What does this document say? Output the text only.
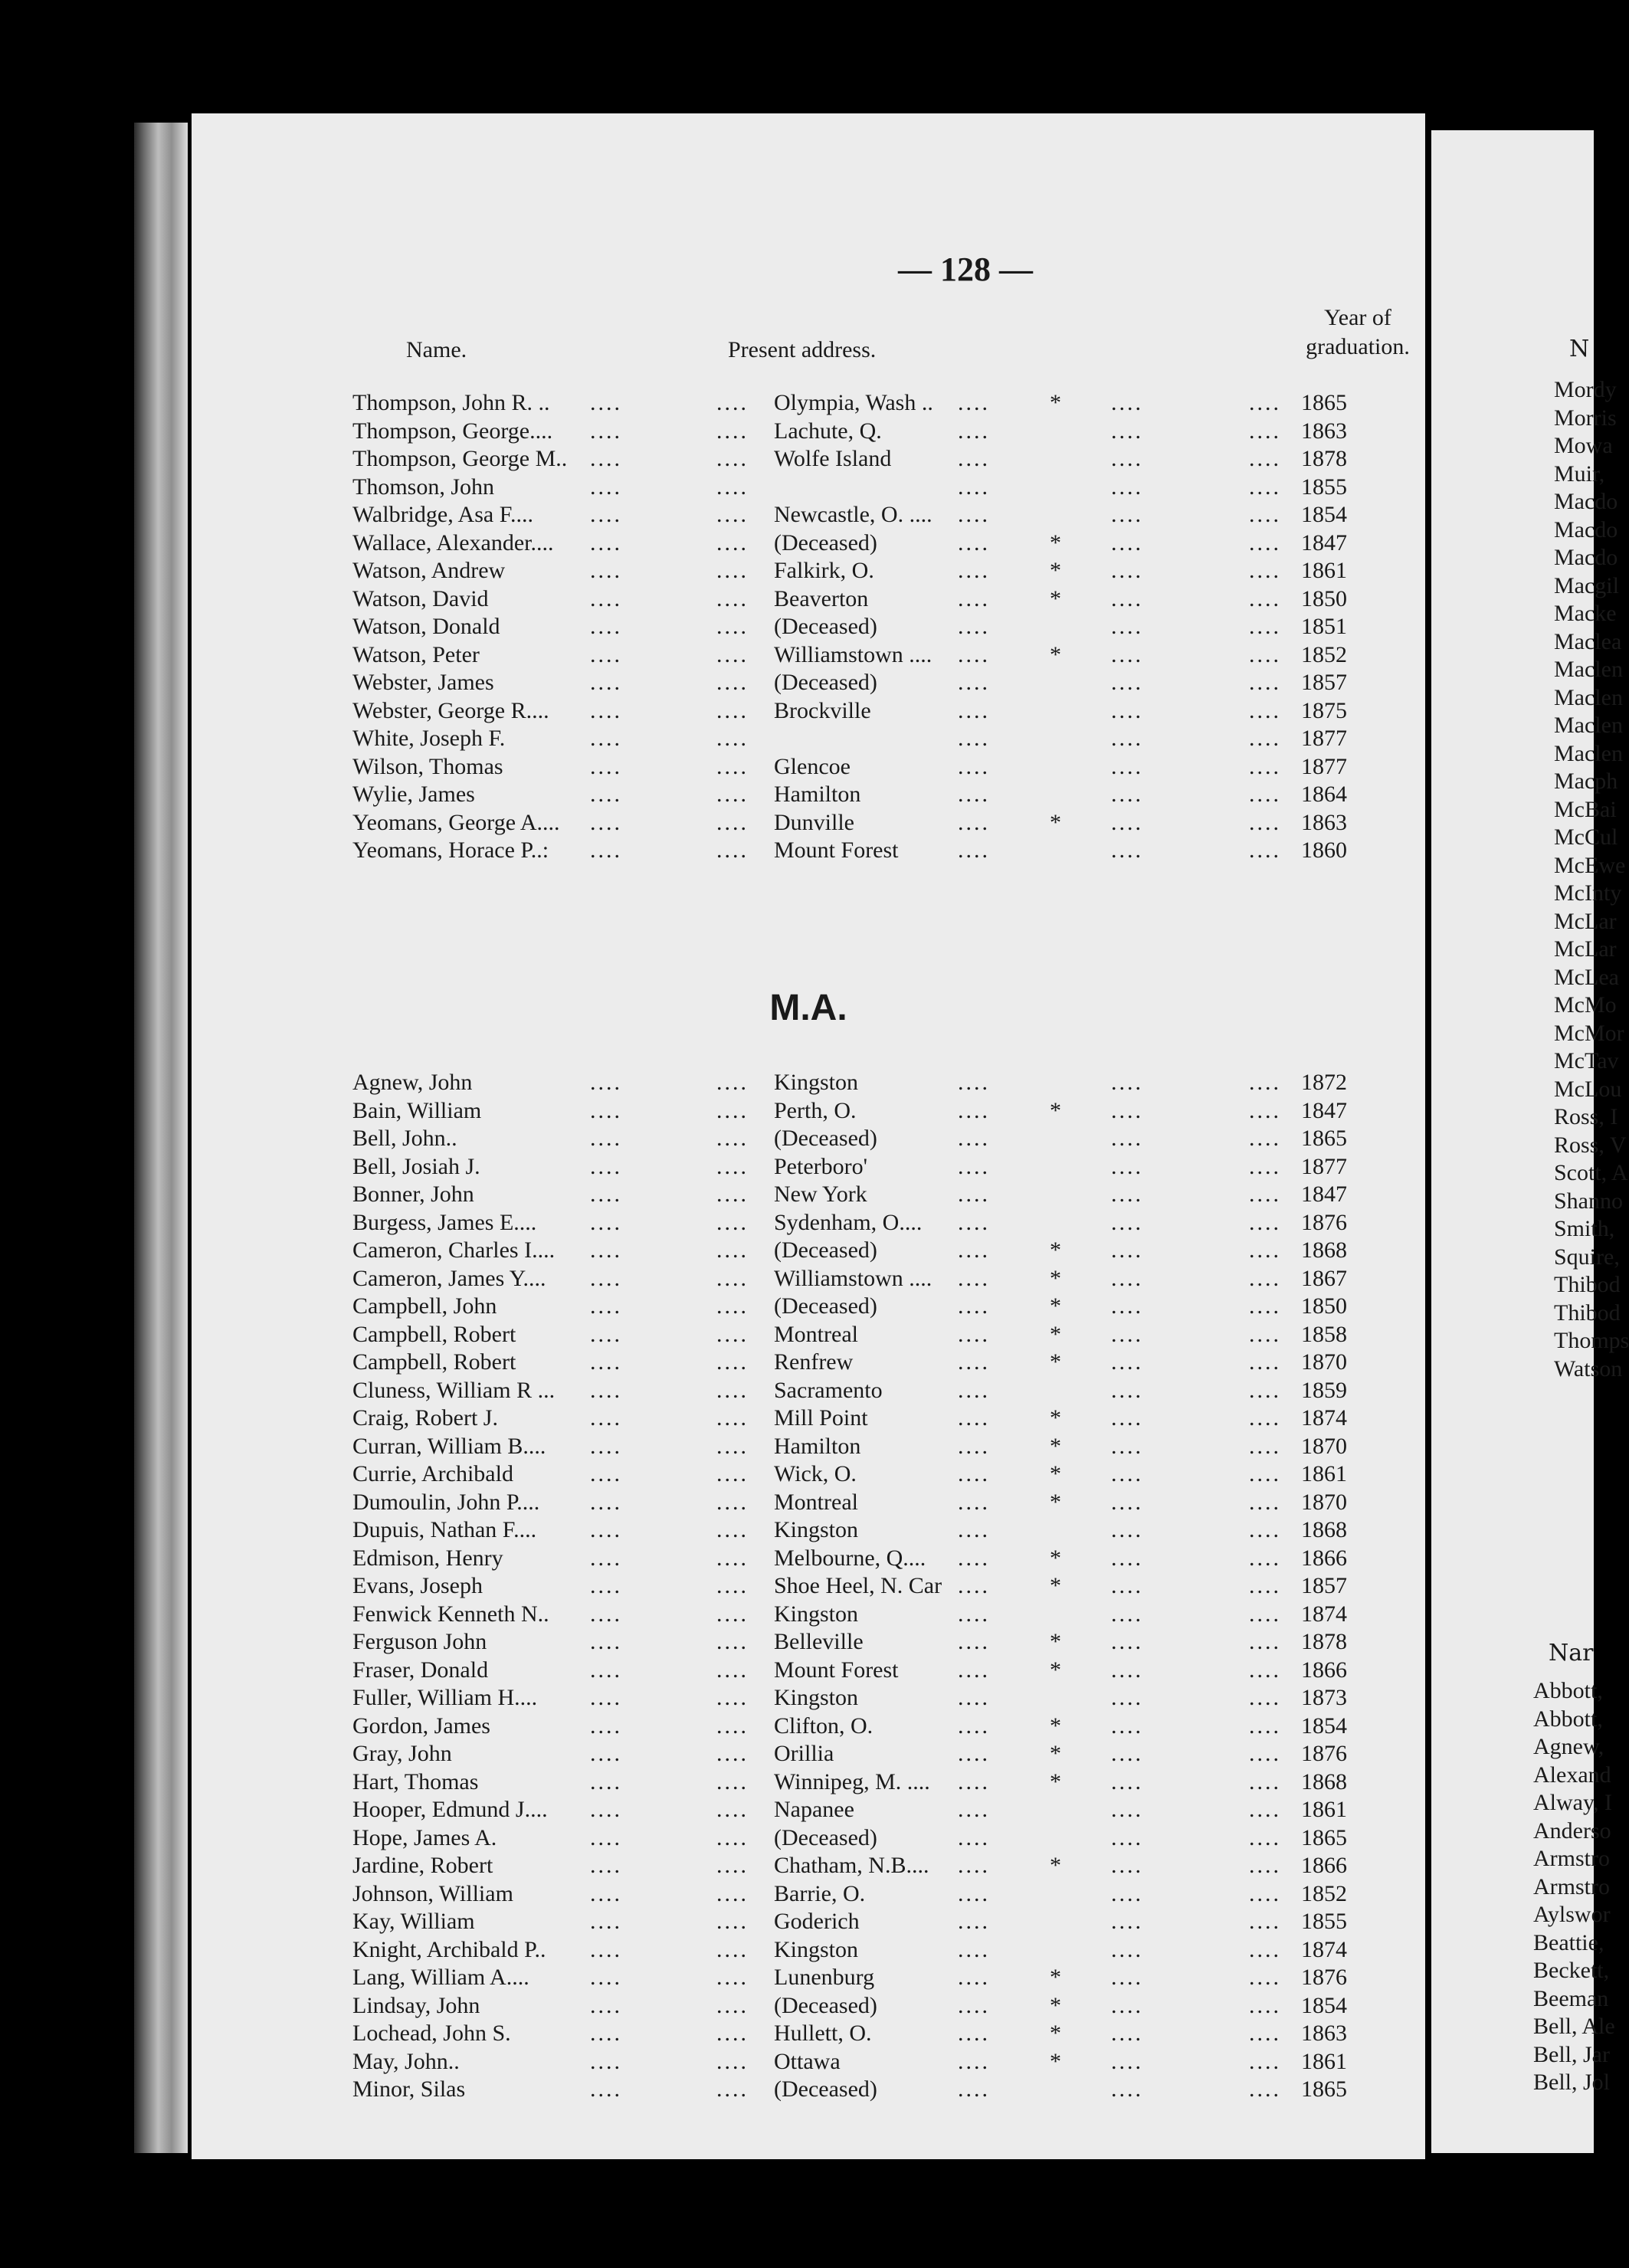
— 128 —
Name.	Present address.
Year of
graduation.
Thompson, John R. .. ....	.... Olympia, Wash .. ....	* ....	.... 1865
Thompson, George.... ....	.... Lachute, Q.	....	....	.... 1863
Thompson, George M.. ....	.... Wolfe Island	....	....	.... 1878
Thomson, John	....	....	....	....	.... 1855
Walbridge, Asa F.... ....	.... Newcastle, O. .... ....	....	.... 1854
Wallace, Alexander.... ....	.... (Deceased)	....	* ....	.... 1847
Watson, Andrew	....	.... Falkirk, O.	....	* ....	.... 1861
Watson, David	....	.... Beaverton	....	* ....	.... 1850
Watson, Donald	....	.... (Deceased)	....	....	.... 1851
Watson, Peter	....	.... Williamstown .... ....	* ....	.... 1852
Webster, James	....	.... (Deceased)	....	....	.... 1857
Webster, George R.... ....	.... Brockville	....	....	.... 1875
White, Joseph F.	....	....	....	....	.... 1877
Wilson, Thomas	....	.... Glencoe	....	....	.... 1877
Wylie, James	....	.... Hamilton	....	....	.... 1864
Yeomans, George A.... ....	.... Dunville	....	* ....	.... 1863
Yeomans, Horace P..: ....	.... Mount Forest	....	....	.... 1860
M.A.
Agnew, John	....	.... Kingston	....	....	.... 1872
Bain, William	....	.... Perth, O.	....	* ....	.... 1847
Bell, John..	....	.... (Deceased)	....	....	.... 1865
Bell, Josiah J.	....	.... Peterboro'	....	....	.... 1877
Bonner, John	....	.... New York	....	....	.... 1847
Burgess, James E.... ....	.... Sydenham, O.... ....	....	.... 1876
Cameron, Charles I.... ....	.... (Deceased)	....	* ....	.... 1868
Cameron, James Y.... ....	.... Williamstown .... ....	* ....	.... 1867
Campbell, John	....	.... (Deceased)	....	* ....	.... 1850
Campbell, Robert	....	.... Montreal	....	* ....	.... 1858
Campbell, Robert	....	.... Renfrew	....	* ....	.... 1870
Cluness, William R ... ....	.... Sacramento	....	....	.... 1859
Craig, Robert J.	....	.... Mill Point	....	* ....	.... 1874
Curran, William B.... ....	.... Hamilton	....	* ....	.... 1870
Currie, Archibald	....	.... Wick, O.	....	* ....	.... 1861
Dumoulin, John P.... ....	.... Montreal	....	* ....	.... 1870
Dupuis, Nathan F.... ....	.... Kingston	....	....	.... 1868
Edmison, Henry	....	.... Melbourne, Q.... ....	* ....	.... 1866
Evans, Joseph	....	.... Shoe Heel, N. Car ....	* ....	.... 1857
Fenwick Kenneth N.. ....	.... Kingston	....	....	.... 1874
Ferguson John	....	.... Belleville	....	* ....	.... 1878
Fraser, Donald	....	.... Mount Forest	....	* ....	.... 1866
Fuller, William H.... ....	.... Kingston	....	....	.... 1873
Gordon, James	....	.... Clifton, O.	....	* ....	.... 1854
Gray, John	....	.... Orillia	....	* ....	.... 1876
Hart, Thomas	....	.... Winnipeg, M. .... ....	* ....	.... 1868
Hooper, Edmund J.... ....	.... Napanee	....	....	.... 1861
Hope, James A.	....	.... (Deceased)	....	....	.... 1865
Jardine, Robert	....	.... Chatham, N.B.... ....	* ....	.... 1866
Johnson, William	....	.... Barrie, O.	....	....	.... 1852
Kay, William	....	.... Goderich	....	....	.... 1855
Knight, Archibald P.. ....	.... Kingston	....	....	.... 1874
Lang, William A....	....	.... Lunenburg	....	* ....	.... 1876
Lindsay, John	....	.... (Deceased)	....	* ....	.... 1854
Lochead, John S.	....	.... Hullett, O.	....	* ....	.... 1863
May, John..	....	.... Ottawa	....	* ....	.... 1861
Minor, Silas	....	.... (Deceased)	....	....	.... 1865
N
Mordy
Morris
Mowa
Muir,
Macdo
Macdo
Macdo
Macgil
Macke
Maclea
Maclen
Maclen
Maclen
Maclen
Macph
McBai
McCul
McEwe
McInty
McLar
McLar
McLea
McMo
McMor
McTav
McLou
Ross, I
Ross, V
Scott, A
Shanno
Smith,
Squire,
Thibod
Thibod
Thomps
Watson
Nar
Abbott,
Abbott,
Agnew,
Alexand
Alway, I
Anderso
Armstro
Armstro
Aylswor
Beattie,
Beckett,
Beeman
Bell, Ale
Bell, Jar
Bell, Jol
